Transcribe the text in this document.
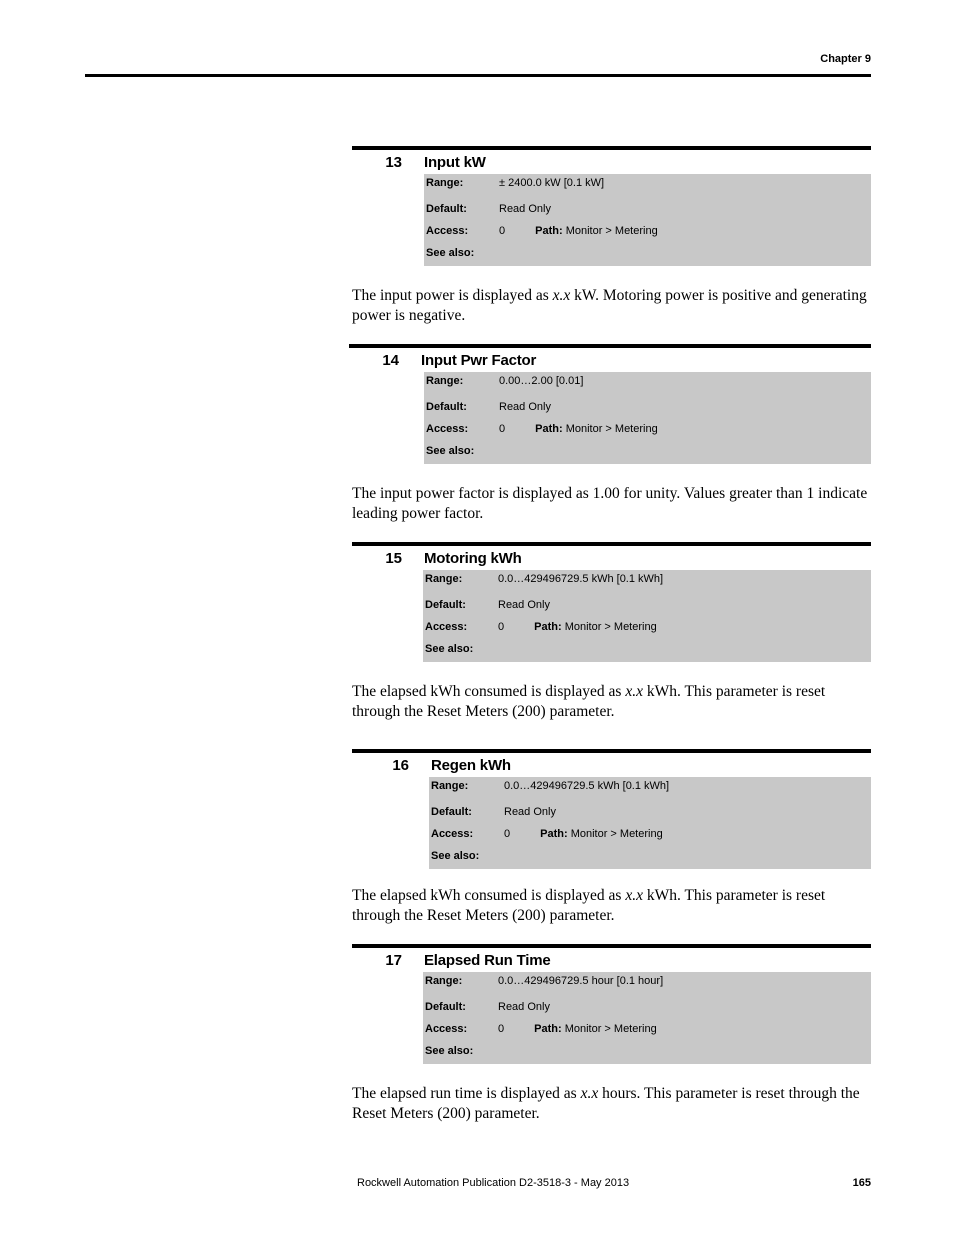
Chapter 9
13	Input kW
Range:	± 2400.0 kW [0.1 kW]
Default:	Read Only
Access:	0	Path: Monitor > Metering
See also:
The input power is displayed as x.x kW. Motoring power is positive and generating power is negative.
14	Input Pwr Factor
Range:	0.00…2.00 [0.01]
Default:	Read Only
Access:	0	Path: Monitor > Metering
See also:
The input power factor is displayed as 1.00 for unity. Values greater than 1 indicate leading power factor.
15	Motoring kWh
Range:	0.0…429496729.5 kWh [0.1 kWh]
Default:	Read Only
Access:	0	Path: Monitor > Metering
See also:
The elapsed kWh consumed is displayed as x.x kWh. This parameter is reset through the Reset Meters (200) parameter.
16	Regen kWh
Range:	0.0…429496729.5 kWh [0.1 kWh]
Default:	Read Only
Access:	0	Path: Monitor > Metering
See also:
The elapsed kWh consumed is displayed as x.x kWh. This parameter is reset through the Reset Meters (200) parameter.
17	Elapsed Run Time
Range:	0.0…429496729.5 hour [0.1 hour]
Default:	Read Only
Access:	0	Path: Monitor > Metering
See also:
The elapsed run time is displayed as x.x hours. This parameter is reset through the Reset Meters (200) parameter.
Rockwell Automation Publication D2-3518-3 - May 2013	165
